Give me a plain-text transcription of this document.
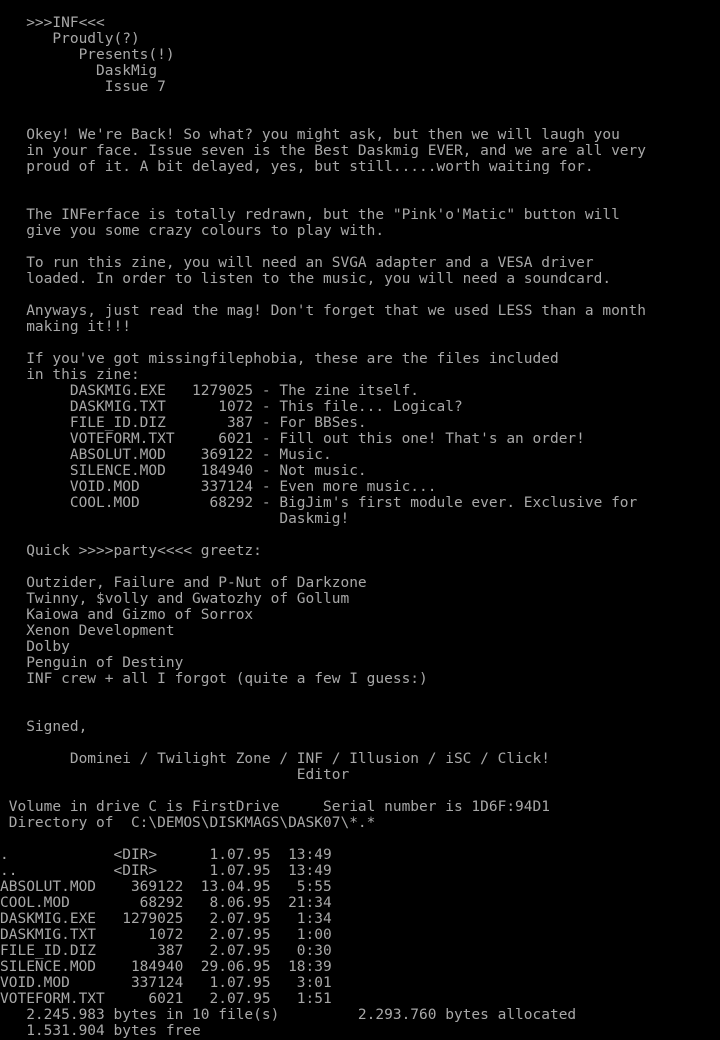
>>>INF<<<
Proudly(?)
Presents(!)
DaskMig
Issue 7
Okey! We're Back! So what? you might ask, but then we will laugh you
in your face. Issue seven is the Best Daskmig EVER, and we are all very
proud of it. A bit delayed, yes, but still.....worth waiting for.
The INFerface is totally redrawn, but the "Pink'o'Matic" button will
give you some crazy colours to play with.
To run this zine, you will need an SVGA adapter and a VESA driver
loaded. In order to listen to the music, you will need a soundcard.
Anyways, just read the mag! Don't forget that we used LESS than a month
making it!!!
If you've got missingfilephobia, these are the files included
in this zine:
DASKMIG.EXE   1279025 - The zine itself.
DASKMIG.TXT      1072 - This file... Logical?
FILE_ID.DIZ       387 - For BBSes.
VOTEFORM.TXT     6021 - Fill out this one! That's an order!
ABSOLUT.MOD    369122 - Music.
SILENCE.MOD    184940 - Not music.
VOID.MOD       337124 - Even more music...
COOL.MOD        68292 - BigJim's first module ever. Exclusive for
Daskmig!
Quick >>>>party<<<< greetz:
Outzider, Failure and P-Nut of Darkzone
Twinny, $volly and Gwatozhy of Gollum
Kaiowa and Gizmo of Sorrox
Xenon Development
Dolby
Penguin of Destiny
INF crew + all I forgot (quite a few I guess:)
Signed,
Dominei / Twilight Zone / INF / Illusion / iSC / Click!
Editor
Volume in drive C is FirstDrive     Serial number is 1D6F:94D1
Directory of  C:\DEMOS\DISKMAGS\DASK07\*.*
.            <DIR>      1.07.95  13:49
..           <DIR>      1.07.95  13:49
ABSOLUT.MOD    369122  13.04.95   5:55
COOL.MOD        68292   8.06.95  21:34
DASKMIG.EXE   1279025   2.07.95   1:34
DASKMIG.TXT      1072   2.07.95   1:00
FILE_ID.DIZ       387   2.07.95   0:30
SILENCE.MOD    184940  29.06.95  18:39
VOID.MOD       337124   1.07.95   3:01
VOTEFORM.TXT     6021   2.07.95   1:51
2.245.983 bytes in 10 file(s)         2.293.760 bytes allocated
1.531.904 bytes free
